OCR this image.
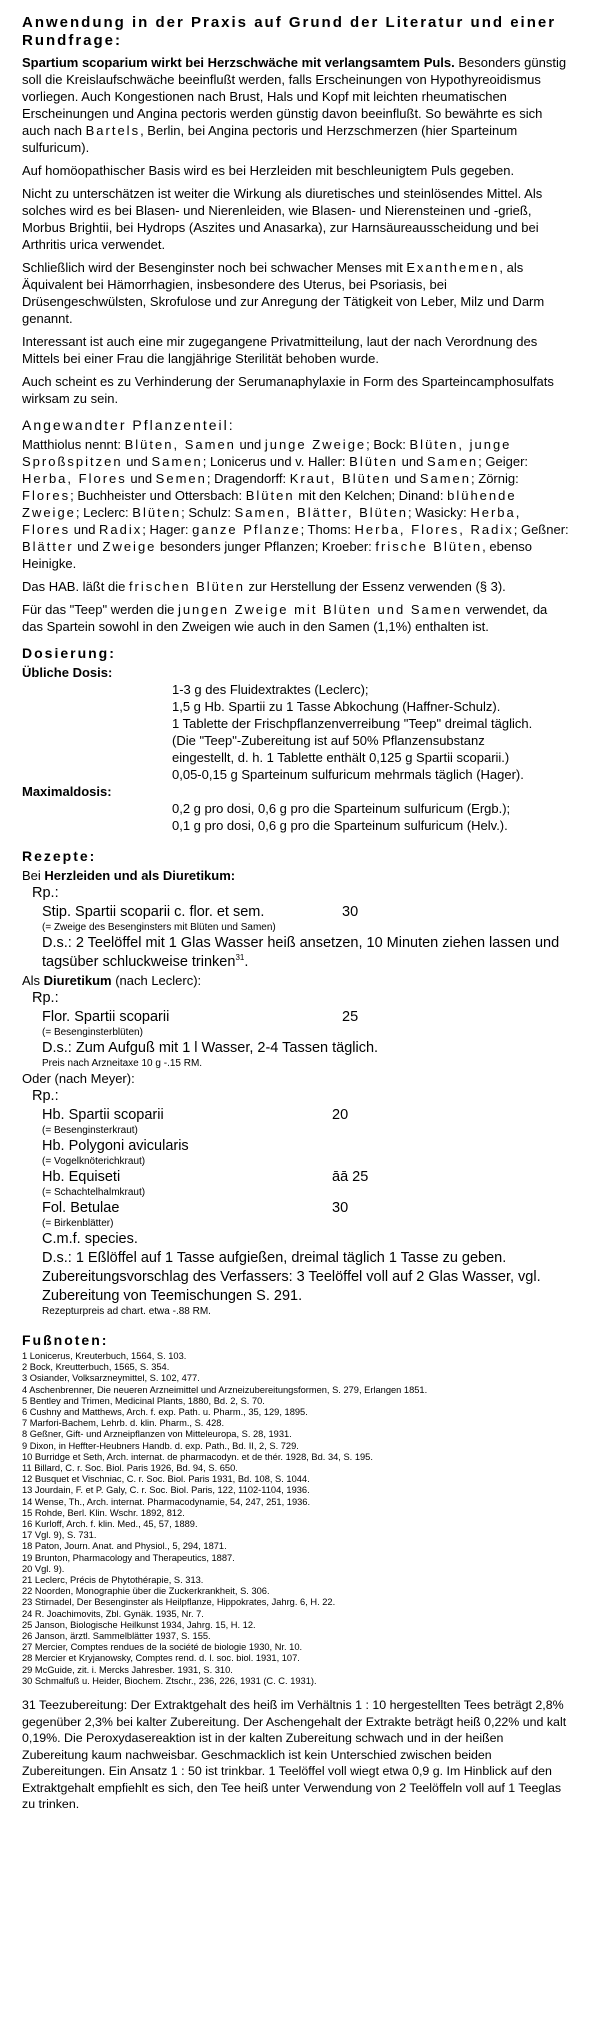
Anwendung in der Praxis auf Grund der Literatur und einer Rundfrage:

Spartium scoparium wirkt bei Herzschwäche mit verlangsamtem Puls. Besonders günstig soll die Kreislaufschwäche beeinflußt werden, falls Erscheinungen von Hypothyreoidismus vorliegen. Auch Kongestionen nach Brust, Hals und Kopf mit leichten rheumatischen Erscheinungen und Angina pectoris werden günstig davon beeinflußt. So bewährte es sich auch nach Bartels, Berlin, bei Angina pectoris und Herzschmerzen (hier Sparteinum sulfuricum).

Auf homöopathischer Basis wird es bei Herzleiden mit beschleunigtem Puls gegeben.

Nicht zu unterschätzen ist weiter die Wirkung als diuretisches und steinlösendes Mittel. Als solches wird es bei Blasen- und Nierenleiden, wie Blasen- und Nierensteinen und -grieß, Morbus Brightii, bei Hydrops (Aszites und Anasarka), zur Harnsäureausscheidung und bei Arthritis urica verwendet.

Schließlich wird der Besenginster noch bei schwacher Menses mit Exanthemen, als Äquivalent bei Hämorrhagien, insbesondere des Uterus, bei Psoriasis, bei Drüsengeschwülsten, Skrofulose und zur Anregung der Tätigkeit von Leber, Milz und Darm genannt.

Interessant ist auch eine mir zugegangene Privatmitteilung, laut der nach Verordnung des Mittels bei einer Frau die langjährige Sterilität behoben wurde.

Auch scheint es zu Verhinderung der Serumanaphylaxie in Form des Sparteincamphosulfats wirksam zu sein.

Angewandter Pflanzenteil:

Matthiolus nennt: Blüten, Samen und junge Zweige; Bock: Blüten, junge Sproßspitzen und Samen; Lonicerus und v. Haller: Blüten und Samen; Geiger: Herba, Flores und Semen; Dragendorff: Kraut, Blüten und Samen; Zörnig: Flores; Buchheister und Ottersbach: Blüten mit den Kelchen; Dinand: blühende Zweige; Leclerc: Blüten; Schulz: Samen, Blätter, Blüten; Wasicky: Herba, Flores und Radix; Hager: ganze Pflanze; Thoms: Herba, Flores, Radix; Geßner: Blätter und Zweige besonders junger Pflanzen; Kroeber: frische Blüten, ebenso Heinigke.

Das HAB. läßt die frischen Blüten zur Herstellung der Essenz verwenden (§ 3).

Für das "Teep" werden die jungen Zweige mit Blüten und Samen verwendet, da das Spartein sowohl in den Zweigen wie auch in den Samen (1,1%) enthalten ist.

Dosierung:
Übliche Dosis:
1-3 g des Fluidextraktes (Leclerc);
1,5 g Hb. Spartii zu 1 Tasse Abkochung (Haffner-Schulz).
1 Tablette der Frischpflanzenverreibung "Teep" dreimal täglich.
(Die "Teep"-Zubereitung ist auf 50% Pflanzensubstanz
eingestellt, d. h. 1 Tablette enthält 0,125 g Spartii scoparii.)
0,05-0,15 g Sparteinum sulfuricum mehrmals täglich (Hager).
Maximaldosis:
0,2 g pro dosi, 0,6 g pro die Sparteinum sulfuricum (Ergb.);
0,1 g pro dosi, 0,6 g pro die Sparteinum sulfuricum (Helv.).
Rezepte:
Bei Herzleiden und als Diuretikum:
Rp.:
Stip. Spartii scoparii c. flor. et sem.	30
(= Zweige des Besenginsters mit Blüten und Samen)
D.s.: 2 Teelöffel mit 1 Glas Wasser heiß ansetzen, 10 Minuten ziehen lassen und tagsüber schluckweise trinken$^{31}$.
Als Diuretikum (nach Leclerc):
Rp.:
Flor. Spartii scoparii	25
(= Besenginsterblüten)
D.s.: Zum Aufguß mit 1 l Wasser, 2-4 Tassen täglich.
Preis nach Arzneitaxe 10 g -.15 RM.
Oder (nach Meyer):
Rp.:
Hb. Spartii scoparii	20
(= Besenginsterkraut)
Hb. Polygoni avicularis
(= Vogelknöterichkraut)
Hb. Equiseti	āā 25
(= Schachtelhalmkraut)
Fol. Betulae	30
(= Birkenblätter)
C.m.f. species.
D.s.: 1 Eßlöffel auf 1 Tasse aufgießen, dreimal täglich 1 Tasse zu geben. Zubereitungsvorschlag des Verfassers: 3 Teelöffel voll auf 2 Glas Wasser, vgl. Zubereitung von Teemischungen S. 291.
Rezepturpreis ad chart. etwa -.88 RM.
Fußnoten:
1 Lonicerus, Kreuterbuch, 1564, S. 103.
2 Bock, Kreutterbuch, 1565, S. 354.
3 Osiander, Volksarzneymittel, S. 102, 477.
4 Aschenbrenner, Die neueren Arzneimittel und Arzneizubereitungsformen, S. 279, Erlangen 1851.
5 Bentley and Trimen, Medicinal Plants, 1880, Bd. 2, S. 70.
6 Cushny and Matthews, Arch. f. exp. Path. u. Pharm., 35, 129, 1895.
7 Marfori-Bachem, Lehrb. d. klin. Pharm., S. 428.
8 Geßner, Gift- und Arzneipflanzen von Mitteleuropa, S. 28, 1931.
9 Dixon, in Heffter-Heubners Handb. d. exp. Path., Bd. II, 2, S. 729.
10 Burridge et Seth, Arch. internat. de pharmacodyn. et de thér. 1928, Bd. 34, S. 195.
11 Billard, C. r. Soc. Biol. Paris 1926, Bd. 94, S. 650.
12 Busquet et Vischniac, C. r. Soc. Biol. Paris 1931, Bd. 108, S. 1044.
13 Jourdain, F. et P. Galy, C. r. Soc. Biol. Paris, 122, 1102-1104, 1936.
14 Wense, Th., Arch. internat. Pharmacodynamie, 54, 247, 251, 1936.
15 Rohde, Berl. Klin. Wschr. 1892, 812.
16 Kurloff, Arch. f. klin. Med., 45, 57, 1889.
17 Vgl. 9), S. 731.
18 Paton, Journ. Anat. and Physiol., 5, 294, 1871.
19 Brunton, Pharmacology and Therapeutics, 1887.
20 Vgl. 9).
21 Leclerc, Précis de Phytothérapie, S. 313.
22 Noorden, Monographie über die Zuckerkrankheit, S. 306.
23 Stirnadel, Der Besenginster als Heilpflanze, Hippokrates, Jahrg. 6, H. 22.
24 R. Joachimovits, Zbl. Gynäk. 1935, Nr. 7.
25 Janson, Biologische Heilkunst 1934, Jahrg. 15, H. 12.
26 Janson, ärztl. Sammelblätter 1937, S. 155.
27 Mercier, Comptes rendues de la société de biologie 1930, Nr. 10.
28 Mercier et Kryjanowsky, Comptes rend. d. l. soc. biol. 1931, 107.
29 McGuide, zit. i. Mercks Jahresber. 1931, S. 310.
30 Schmalfuß u. Heider, Biochem. Ztschr., 236, 226, 1931 (C. C. 1931).
31 Teezubereitung: Der Extraktgehalt des heiß im Verhältnis 1 : 10 hergestellten Tees beträgt 2,8% gegenüber 2,3% bei kalter Zubereitung. Der Aschengehalt der Extrakte beträgt heiß 0,22% und kalt 0,19%. Die Peroxydasereaktion ist in der kalten Zubereitung schwach und in der heißen Zubereitung kaum nachweisbar. Geschmacklich ist kein Unterschied zwischen beiden Zubereitungen. Ein Ansatz 1 : 50 ist trinkbar. 1 Teelöffel voll wiegt etwa 0,9 g. Im Hinblick auf den Extraktgehalt empfiehlt es sich, den Tee heiß unter Verwendung von 2 Teelöffeln voll auf 1 Teeglas zu trinken.
